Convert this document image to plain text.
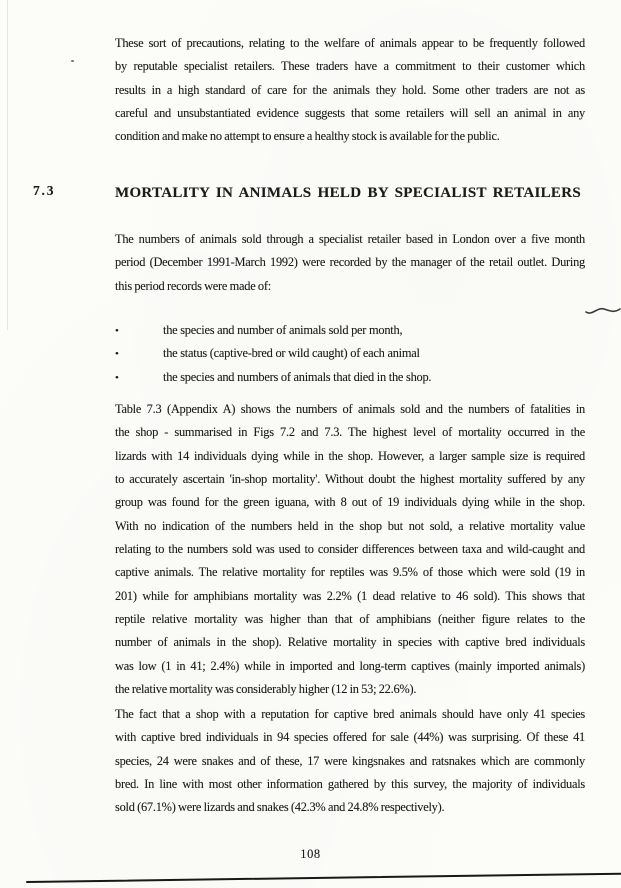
These sort of precautions, relating to the welfare of animals appear to be frequently followed
by reputable specialist retailers. These traders have a commitment to their customer which
results in a high standard of care for the animals they hold. Some other traders are not as
careful and unsubstantiated evidence suggests that some retailers will sell an animal in any
condition and make no attempt to ensure a healthy stock is available for the public.
7.3	MORTALITY IN ANIMALS HELD BY SPECIALIST RETAILERS
The numbers of animals sold through a specialist retailer based in London over a five month
period (December 1991-March 1992) were recorded by the manager of the retail outlet. During
this period records were made of:
•	the species and number of animals sold per month,
•	the status (captive-bred or wild caught) of each animal
•	the species and numbers of animals that died in the shop.
Table 7.3 (Appendix A) shows the numbers of animals sold and the numbers of fatalities in
the shop - summarised in Figs 7.2 and 7.3. The highest level of mortality occurred in the
lizards with 14 individuals dying while in the shop. However, a larger sample size is required
to accurately ascertain 'in-shop mortality'. Without doubt the highest mortality suffered by any
group was found for the green iguana, with 8 out of 19 individuals dying while in the shop.
With no indication of the numbers held in the shop but not sold, a relative mortality value
relating to the numbers sold was used to consider differences between taxa and wild-caught and
captive animals. The relative mortality for reptiles was 9.5% of those which were sold (19 in
201) while for amphibians mortality was 2.2% (1 dead relative to 46 sold). This shows that
reptile relative mortality was higher than that of amphibians (neither figure relates to the
number of animals in the shop). Relative mortality in species with captive bred individuals
was low (1 in 41; 2.4%) while in imported and long-term captives (mainly imported animals)
the relative mortality was considerably higher (12 in 53; 22.6%).
The fact that a shop with a reputation for captive bred animals should have only 41 species
with captive bred individuals in 94 species offered for sale (44%) was surprising. Of these 41
species, 24 were snakes and of these, 17 were kingsnakes and ratsnakes which are commonly
bred. In line with most other information gathered by this survey, the majority of individuals
sold (67.1%) were lizards and snakes (42.3% and 24.8% respectively).
108
